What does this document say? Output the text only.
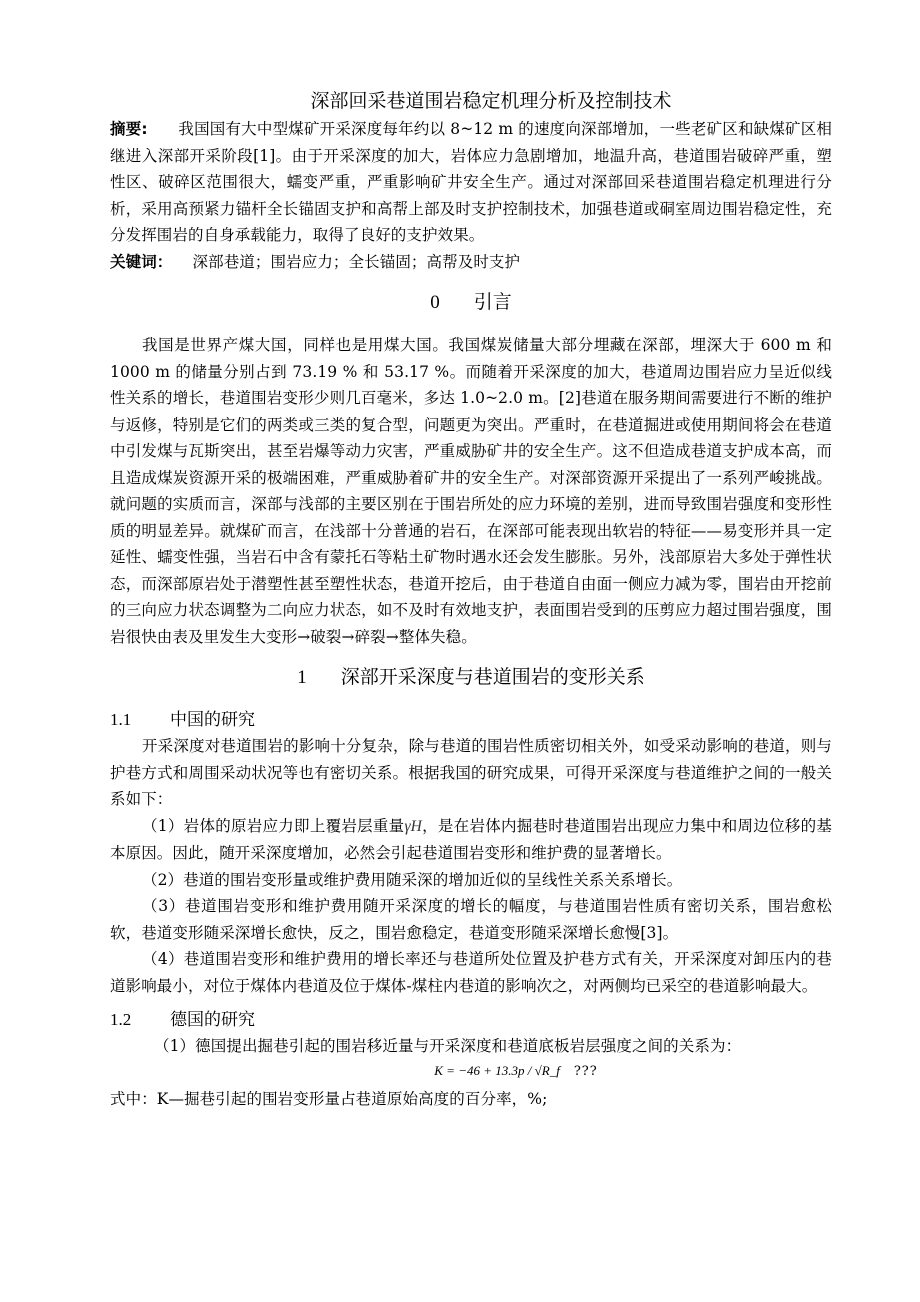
深部回采巷道围岩稳定机理分析及控制技术
摘要: 我国国有大中型煤矿开采深度每年约以 8~12 m 的速度向深部增加，一些老矿区和缺煤矿区相继进入深部开采阶段[1]。由于开采深度的加大，岩体应力急剧增加，地温升高，巷道围岩破碎严重，塑性区、破碎区范围很大，蠕变严重，严重影响矿井安全生产。通过对深部回采巷道围岩稳定机理进行分析，采用高预紧力锚杆全长锚固支护和高帮上部及时支护控制技术，加强巷道或硐室周边围岩稳定性，充分发挥围岩的自身承载能力，取得了良好的支护效果。
关键词： 深部巷道；围岩应力；全长锚固；高帮及时支护
0 引言
我国是世界产煤大国，同样也是用煤大国。我国煤炭储量大部分埋藏在深部，埋深大于 600 m 和 1000 m 的储量分别占到 73.19 % 和 53.17 %。而随着开采深度的加大，巷道周边围岩应力呈近似线性关系的增长，巷道围岩变形少则几百毫米，多达 1.0~2.0 m。[2]巷道在服务期间需要进行不断的维护与返修，特别是它们的两类或三类的复合型，问题更为突出。严重时，在巷道掘进或使用期间将会在巷道中引发煤与瓦斯突出，甚至岩爆等动力灾害，严重威胁矿井的安全生产。这不但造成巷道支护成本高，而且造成煤炭资源开采的极端困难，严重威胁着矿井的安全生产。对深部资源开采提出了一系列严峻挑战。就问题的实质而言，深部与浅部的主要区别在于围岩所处的应力环境的差别，进而导致围岩强度和变形性质的明显差异。就煤矿而言，在浅部十分普通的岩石，在深部可能表现出软岩的特征——易变形并具一定延性、蠕变性强，当岩石中含有蒙托石等粘土矿物时遇水还会发生膨胀。另外，浅部原岩大多处于弹性状态，而深部原岩处于潜塑性甚至塑性状态，巷道开挖后，由于巷道自由面一侧应力减为零，围岩由开挖前的三向应力状态调整为二向应力状态，如不及时有效地支护，表面围岩受到的压剪应力超过围岩强度，围岩很快由表及里发生大变形→破裂→碎裂→整体失稳。
1 深部开采深度与巷道围岩的变形关系
1.1 中国的研究
开采深度对巷道围岩的影响十分复杂，除与巷道的围岩性质密切相关外，如受采动影响的巷道，则与护巷方式和周围采动状况等也有密切关系。根据我国的研究成果，可得开采深度与巷道维护之间的一般关系如下：
（1）岩体的原岩应力即上覆岩层重量γH，是在岩体内掘巷时巷道围岩出现应力集中和周边位移的基本原因。因此，随开采深度增加，必然会引起巷道围岩变形和维护费的显著增长。
（2）巷道的围岩变形量或维护费用随采深的增加近似的呈线性关系关系增长。
（3）巷道围岩变形和维护费用随开采深度的增长的幅度，与巷道围岩性质有密切关系，围岩愈松软，巷道变形随采深增长愈快，反之，围岩愈稳定，巷道变形随采深增长愈慢[3]。
（4）巷道围岩变形和维护费用的增长率还与巷道所处位置及护巷方式有关，开采深度对卸压内的巷道影响最小，对位于煤体内巷道及位于煤体-煤柱内巷道的影响次之，对两侧均已采空的巷道影响最大。
1.2 德国的研究
（1）德国提出掘巷引起的围岩移近量与开采深度和巷道底板岩层强度之间的关系为：
K = −46 + 13.3p / √R_f ???
式中：K—掘巷引起的围岩变形量占巷道原始高度的百分率，%;
